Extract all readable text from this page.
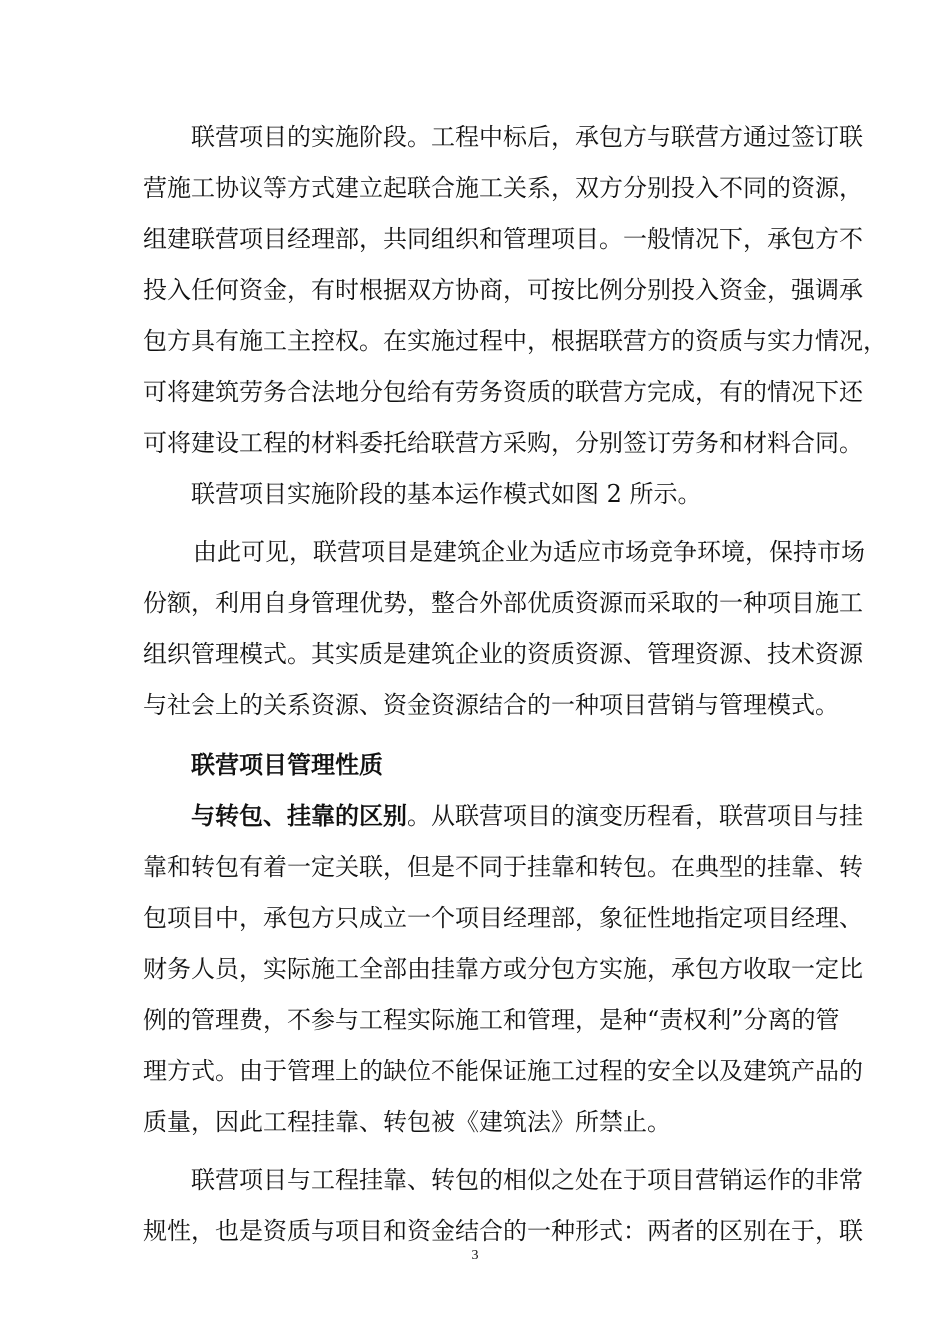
联营项目的实施阶段。工程中标后，承包方与联营方通过签订联
营施工协议等方式建立起联合施工关系，双方分别投入不同的资源，
组建联营项目经理部，共同组织和管理项目。一般情况下，承包方不
投入任何资金，有时根据双方协商，可按比例分别投入资金，强调承
包方具有施工主控权。在实施过程中，根据联营方的资质与实力情况，
可将建筑劳务合法地分包给有劳务资质的联营方完成，有的情况下还
可将建设工程的材料委托给联营方采购，分别签订劳务和材料合同。
联营项目实施阶段的基本运作模式如图 2 所示。
由此可见，联营项目是建筑企业为适应市场竞争环境，保持市场
份额，利用自身管理优势，整合外部优质资源而采取的一种项目施工
组织管理模式。其实质是建筑企业的资质资源、管理资源、技术资源
与社会上的关系资源、资金资源结合的一种项目营销与管理模式。
联营项目管理性质
与转包、挂靠的区别。从联营项目的演变历程看，联营项目与挂
靠和转包有着一定关联，但是不同于挂靠和转包。在典型的挂靠、转
包项目中，承包方只成立一个项目经理部，象征性地指定项目经理、
财务人员，实际施工全部由挂靠方或分包方实施，承包方收取一定比
例的管理费，不参与工程实际施工和管理，是种“责权利”分离的管
理方式。由于管理上的缺位不能保证施工过程的安全以及建筑产品的
质量，因此工程挂靠、转包被《建筑法》所禁止。
联营项目与工程挂靠、转包的相似之处在于项目营销运作的非常
规性，也是资质与项目和资金结合的一种形式：两者的区别在于，联
3
